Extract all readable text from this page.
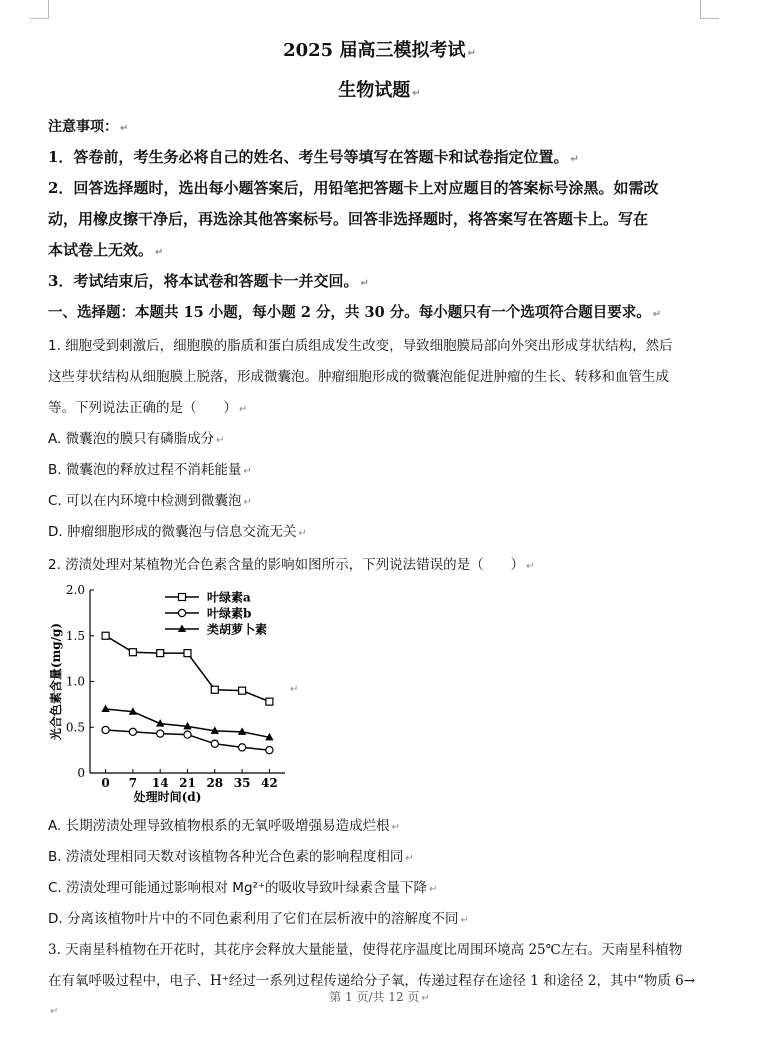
2025 届高三模拟考试 ↵
生物试题 ↵
注意事项： ↵
1．答卷前，考生务必将自己的姓名、考生号等填写在答题卡和试卷指定位置。 ↵
2．回答选择题时，选出每小题答案后，用铅笔把答题卡上对应题目的答案标号涂黑。如需改
动，用橡皮擦干净后，再选涂其他答案标号。回答非选择题时，将答案写在答题卡上。写在
本试卷上无效。 ↵
3．考试结束后，将本试卷和答题卡一并交回。 ↵
一、选择题：本题共 15 小题，每小题 2 分，共 30 分。每小题只有一个选项符合题目要求。 ↵
1. 细胞受到刺激后，细胞膜的脂质和蛋白质组成发生改变，导致细胞膜局部向外突出形成芽状结构，然后
这些芽状结构从细胞膜上脱落，形成微囊泡。肿瘤细胞形成的微囊泡能促进肿瘤的生长、转移和血管生成
等。下列说法正确的是（　　） ↵
A. 微囊泡的膜只有磷脂成分 ↵
B. 微囊泡的释放过程不消耗能量 ↵
C. 可以在内环境中检测到微囊泡 ↵
D. 肿瘤细胞形成的微囊泡与信息交流无关 ↵
2. 涝渍处理对某植物光合色素含量的影响如图所示，下列说法错误的是（　　） ↵
0
0.5
1.0
1.5
2.0
0 7 14 21 28 35 42
处理时间(d)
光合色素含量(mg/g)
叶绿素a
叶绿素b
类胡萝卜素
↵
A. 长期涝渍处理导致植物根系的无氧呼吸增强易造成烂根 ↵
B. 涝渍处理相同天数对该植物各种光合色素的影响程度相同 ↵
C. 涝渍处理可能通过影响根对 Mg²⁺的吸收导致叶绿素含量下降 ↵
D. 分离该植物叶片中的不同色素利用了它们在层析液中的溶解度不同 ↵
3. 天南星科植物在开花时，其花序会释放大量能量，使得花序温度比周围环境高 25℃左右。天南星科植物
在有氧呼吸过程中，电子、H⁺经过一系列过程传递给分子氧，传递过程存在途径 1 和途径 2，其中“物质 6→
第 1 页/共 12 页 ↵
↵
